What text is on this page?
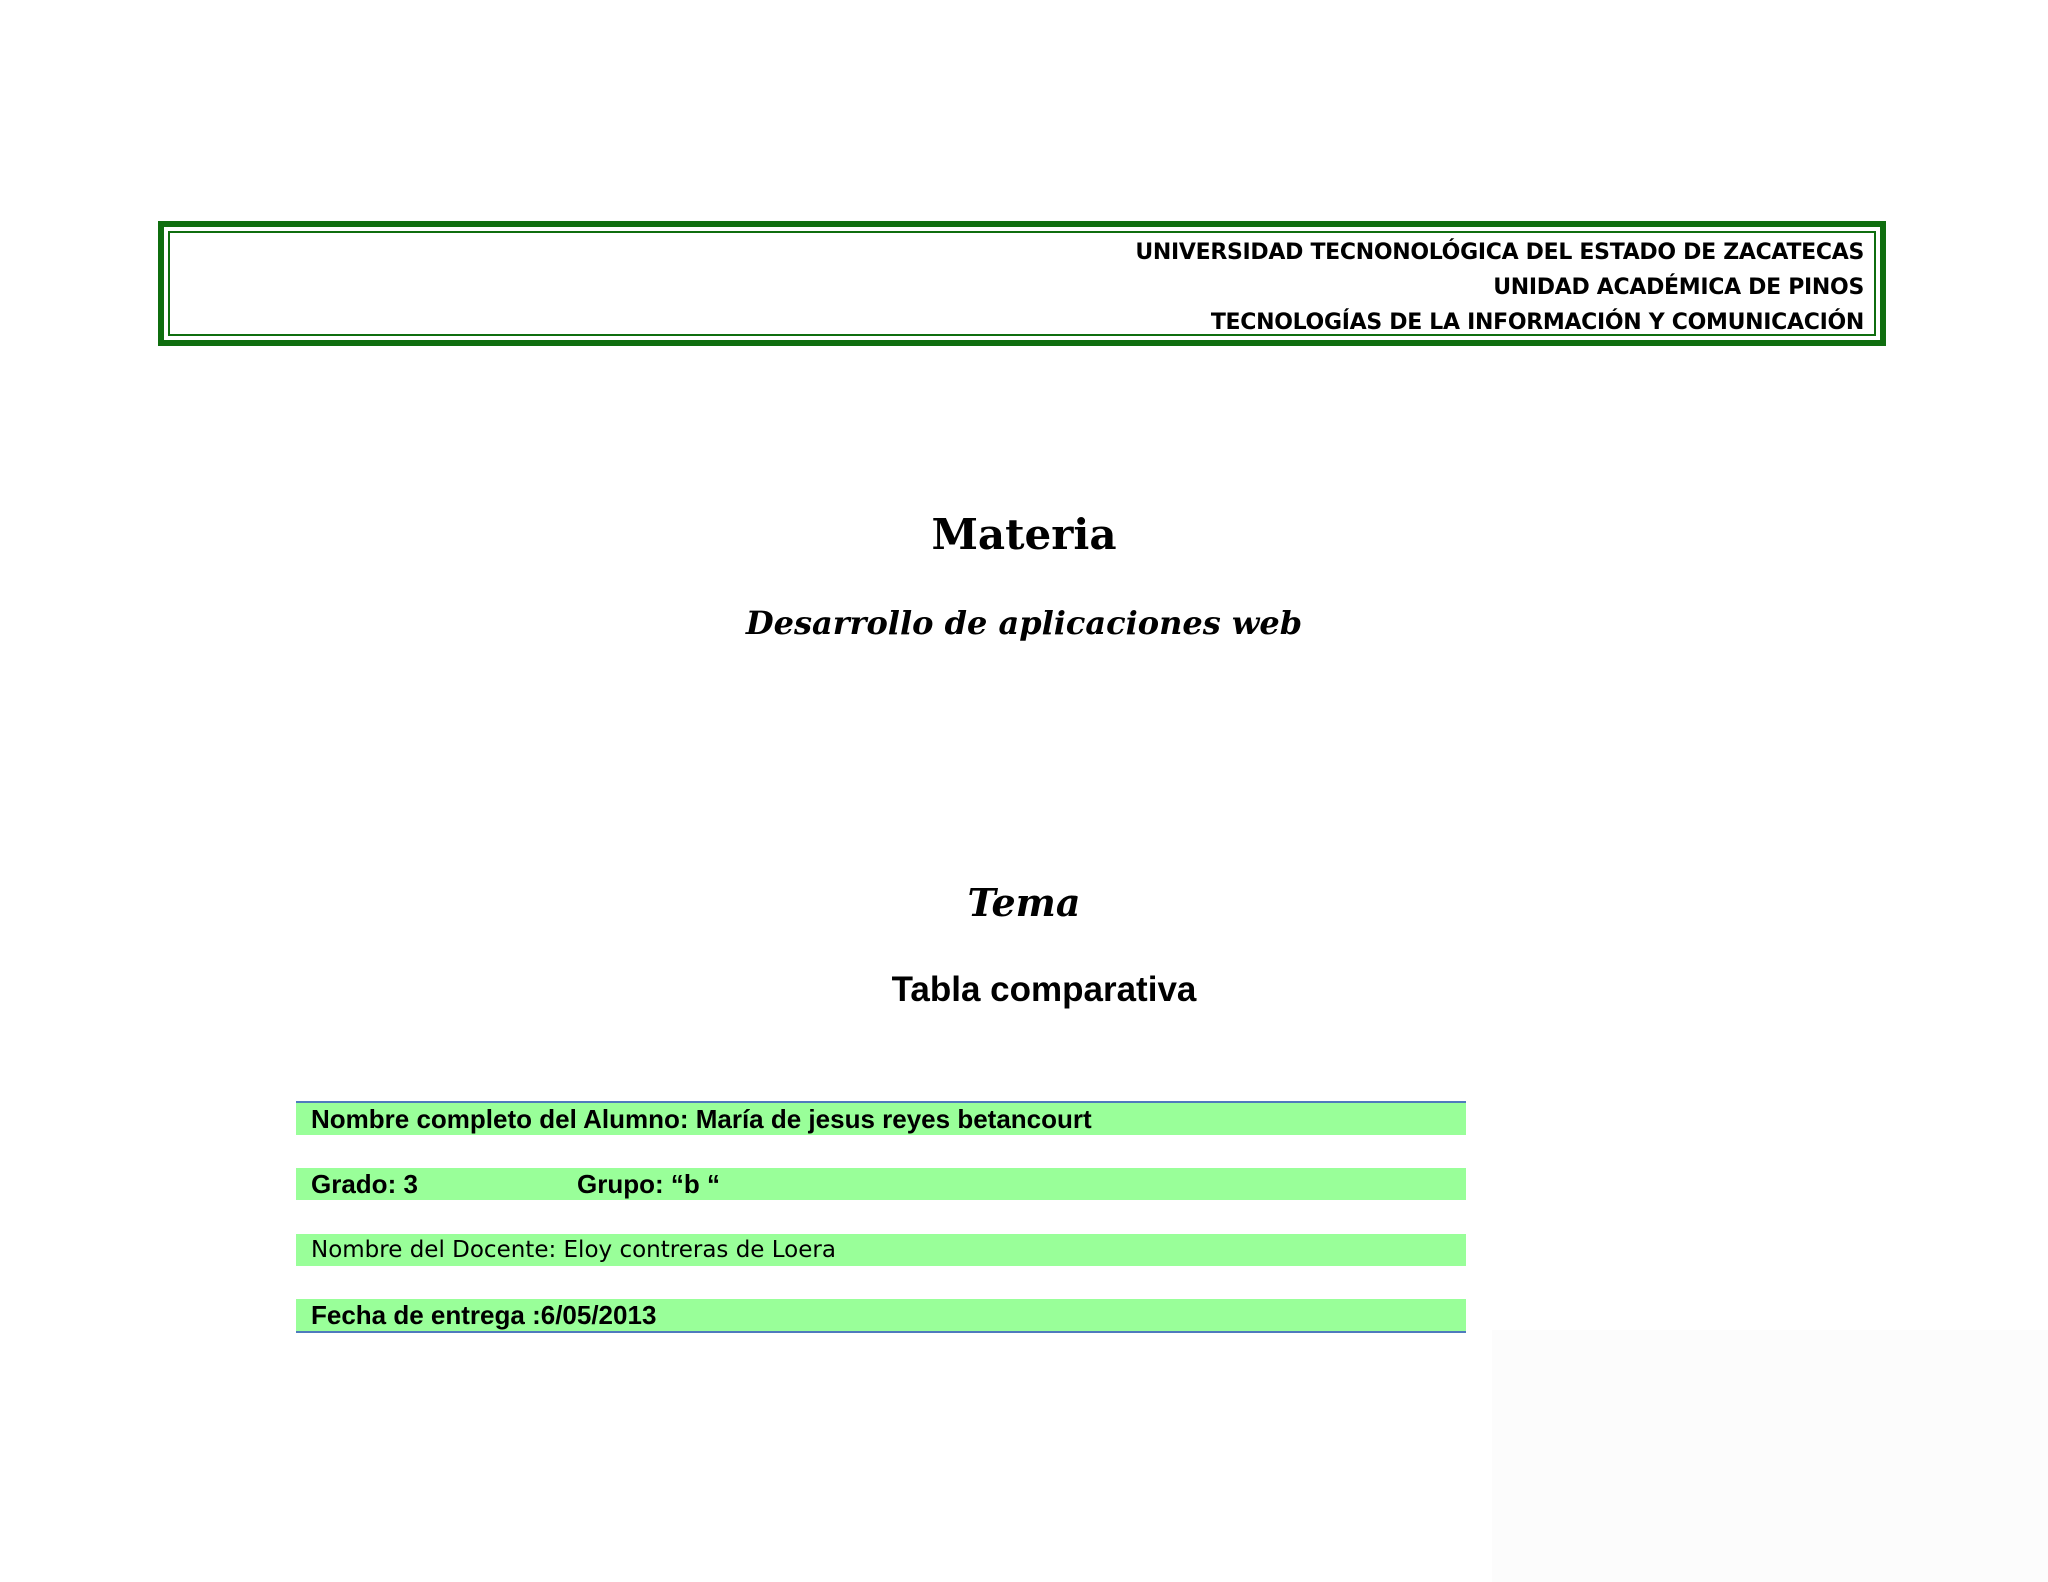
UNIVERSIDAD TECNONOLÓGICA DEL ESTADO DE ZACATECAS
UNIDAD ACADÉMICA DE PINOS
TECNOLOGÍAS DE LA INFORMACIÓN Y COMUNICACIÓN
Materia
Desarrollo de aplicaciones web
Tema
Tabla comparativa
Nombre completo del Alumno: María de jesus reyes betancourt
Grado: 3	Grupo: “b “
Nombre del Docente: Eloy contreras de Loera
Fecha de entrega :6/05/2013
